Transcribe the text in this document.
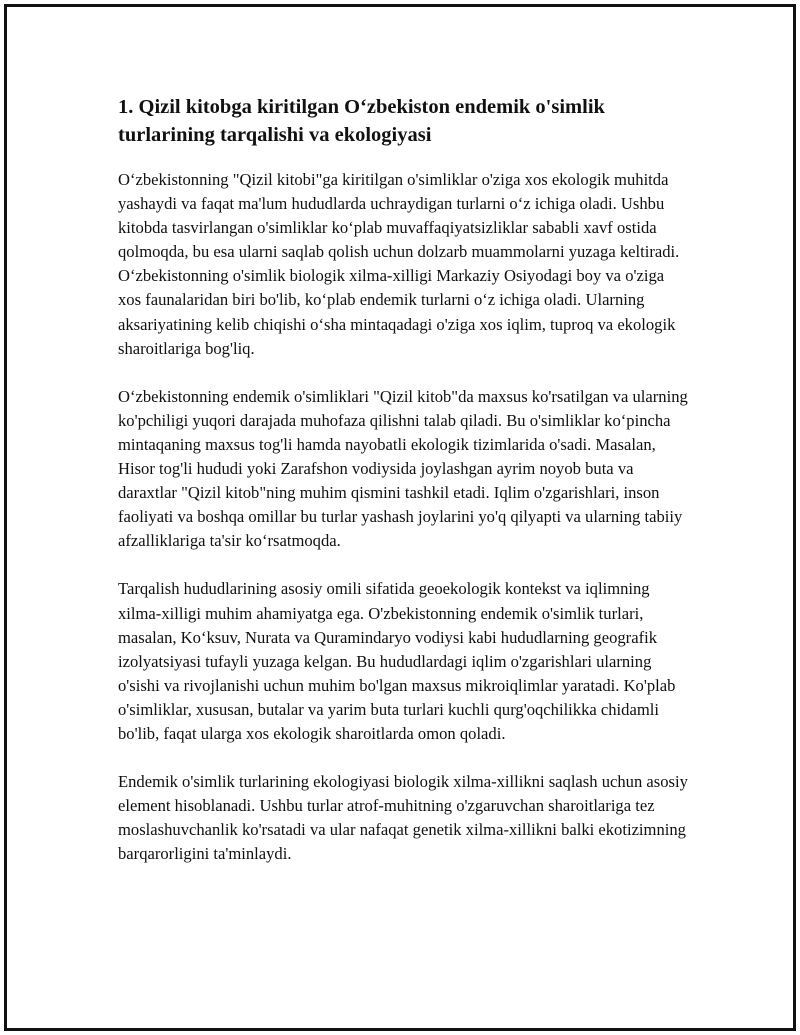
1. Qizil kitobga kiritilgan Oʻzbekiston endemik o'simlik turlarining tarqalishi va ekologiyasi

Oʻzbekistonning "Qizil kitobi"ga kiritilgan o'simliklar o'ziga xos ekologik muhitda yashaydi va faqat ma'lum hududlarda uchraydigan turlarni oʻz ichiga oladi. Ushbu kitobda tasvirlangan o'simliklar koʻplab muvaffaqiyatsizliklar sababli xavf ostida qolmoqda, bu esa ularni saqlab qolish uchun dolzarb muammolarni yuzaga keltiradi. Oʻzbekistonning o'simlik biologik xilma-xilligi Markaziy Osiyodagi boy va o'ziga xos faunalaridan biri bo'lib, koʻplab endemik turlarni oʻz ichiga oladi. Ularning aksariyatining kelib chiqishi oʻsha mintaqadagi o'ziga xos iqlim, tuproq va ekologik sharoitlariga bog'liq.

Oʻzbekistonning endemik o'simliklari "Qizil kitob"da maxsus ko'rsatilgan va ularning ko'pchiligi yuqori darajada muhofaza qilishni talab qiladi. Bu o'simliklar koʻpincha mintaqaning maxsus tog'li hamda nayobatli ekologik tizimlarida o'sadi. Masalan, Hisor tog'li hududi yoki Zarafshon vodiysida joylashgan ayrim noyob buta va daraxtlar "Qizil kitob"ning muhim qismini tashkil etadi. Iqlim o'zgarishlari, inson faoliyati va boshqa omillar bu turlar yashash joylarini yo'q qilyapti va ularning tabiiy afzalliklariga ta'sir koʻrsatmoqda.

Tarqalish hududlarining asosiy omili sifatida geoekologik kontekst va iqlimning xilma-xilligi muhim ahamiyatga ega. O'zbekistonning endemik o'simlik turlari, masalan, Koʻksuv, Nurata va Quramindaryo vodiysi kabi hududlarning geografik izolyatsiyasi tufayli yuzaga kelgan. Bu hududlardagi iqlim o'zgarishlari ularning o'sishi va rivojlanishi uchun muhim bo'lgan maxsus mikroiqlimlar yaratadi. Ko'plab o'simliklar, xususan, butalar va yarim buta turlari kuchli qurg'oqchilikka chidamli bo'lib, faqat ularga xos ekologik sharoitlarda omon qoladi.

Endemik o'simlik turlarining ekologiyasi biologik xilma-xillikni saqlash uchun asosiy element hisoblanadi. Ushbu turlar atrof-muhitning o'zgaruvchan sharoitlariga tez moslashuvchanlik ko'rsatadi va ular nafaqat genetik xilma-xillikni balki ekotizimning barqarorligini ta'minlaydi.
